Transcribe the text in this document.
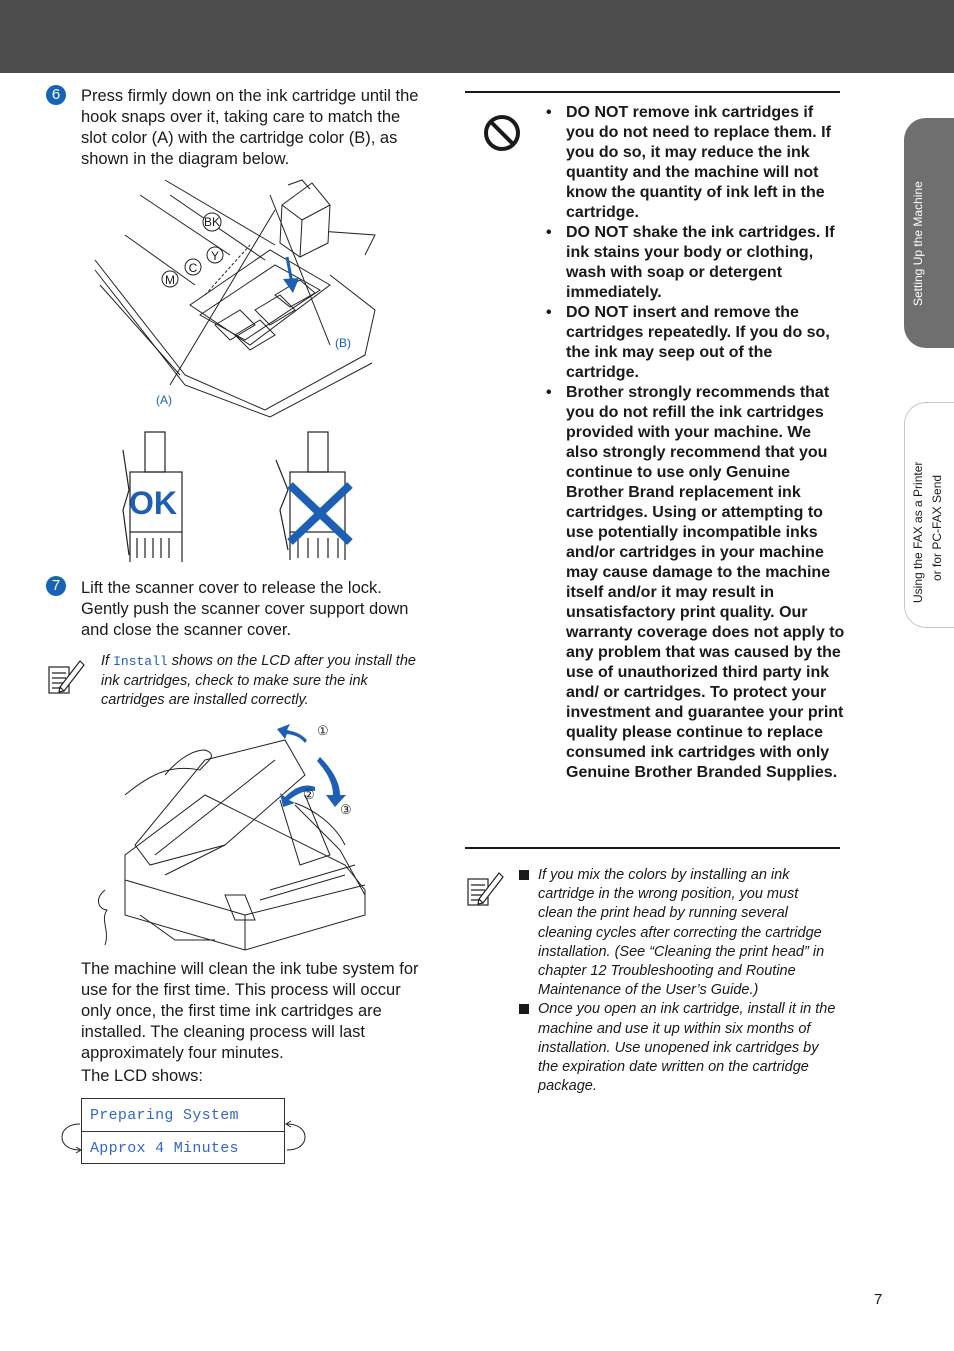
6	Press firmly down on the ink cartridge until the hook snaps over it, taking care to match the slot color (A) with the cartridge color (B), as shown in the diagram below.
BK
Y
C
M
(B)
(A)
OK
7	Lift the scanner cover to release the lock. Gently push the scanner cover support down and close the scanner cover.
If Install shows on the LCD after you install the ink cartridges, check to make sure the ink cartridges are installed correctly.
①
②
③
The machine will clean the ink tube system for use for the first time. This process will occur only once, the first time ink cartridges are installed. The cleaning process will last approximately four minutes.
The LCD shows:
Preparing System
Approx 4 Minutes
• DO NOT remove ink cartridges if you do not need to replace them. If you do so, it may reduce the ink quantity and the machine will not know the quantity of ink left in the cartridge.
• DO NOT shake the ink cartridges. If ink stains your body or clothing, wash with soap or detergent immediately.
• DO NOT insert and remove the cartridges repeatedly. If you do so, the ink may seep out of the cartridge.
• Brother strongly recommends that you do not refill the ink cartridges provided with your machine. We also strongly recommend that you continue to use only Genuine Brother Brand replacement ink cartridges. Using or attempting to use potentially incompatible inks and/or cartridges in your machine may cause damage to the machine itself and/or it may result in unsatisfactory print quality. Our warranty coverage does not apply to any problem that was caused by the use of unauthorized third party ink and/ or cartridges. To protect your investment and guarantee your print quality please continue to replace consumed ink cartridges with only Genuine Brother Branded Supplies.
If you mix the colors by installing an ink cartridge in the wrong position, you must clean the print head by running several cleaning cycles after correcting the cartridge installation. (See “Cleaning the print head” in chapter 12 Troubleshooting and Routine Maintenance of the User’s Guide.)
Once you open an ink cartridge, install it in the machine and use it up within six months of installation. Use unopened ink cartridges by the expiration date written on the cartridge package.
Setting Up the Machine
Using the FAX as a Printer or for PC-FAX Send
7
